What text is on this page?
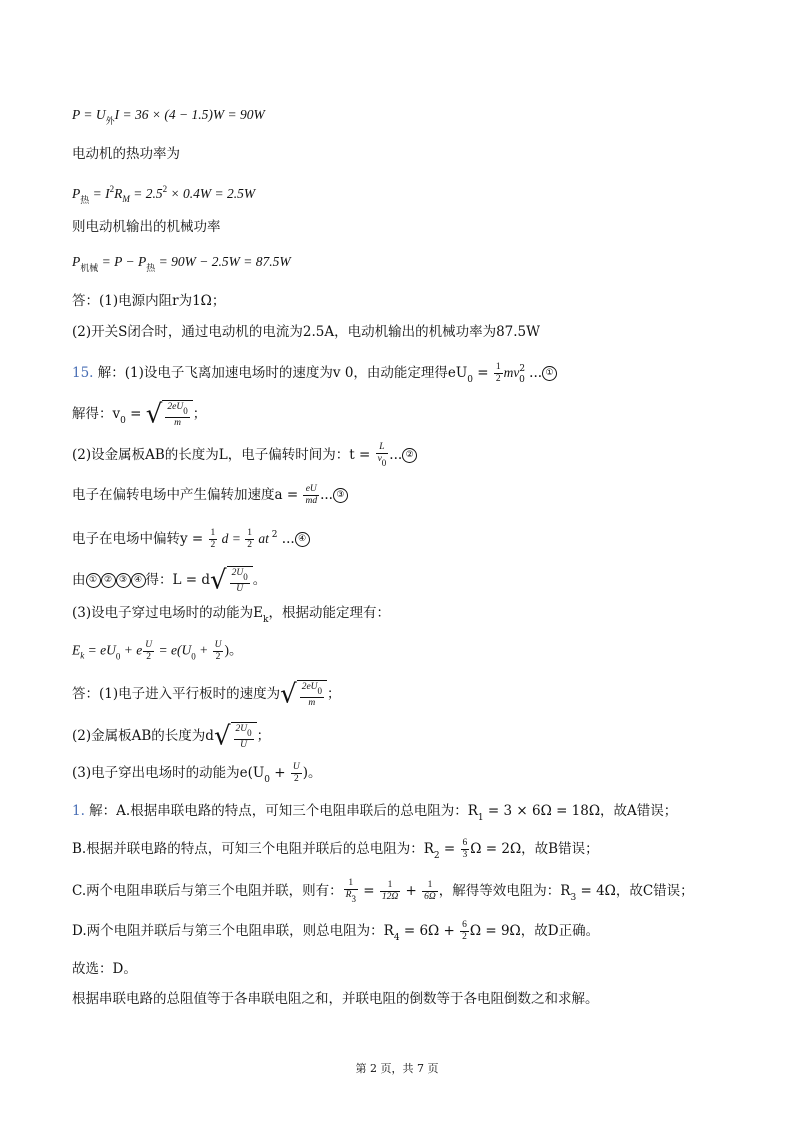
$P = U_外I = 36 \times (4 - 1.5)W = 90W$
电动机的热功率为
$P_热 = I^2R_M = 2.5^2 \times 0.4W = 2.5W$
则电动机输出的机械功率
$P_{机械} = P - P_热 = 90W - 2.5W = 87.5W$
答：(1)电源内阻r为1Ω；
(2)开关S闭合时，通过电动机的电流为2.5A，电动机输出的机械功率为87.5W
15. 解：(1)设电子飞离加速电场时的速度为v 0，由动能定理得$eU_0 = \frac{1}{2} mv^2_0$ ... ①
解得：$v_0$ = √ $\frac{2eU0}{m}$ ；
(2)设金属板AB的长度为L，电子偏转时间为：$t = \frac{L}{v0}$ ... ②
电子在偏转电场中产生偏转加速度$a = \frac{eU}{md}$ ... ③
电子在电场中偏转$y = \frac{1}{2}$ $d = \frac{1}{2}$ at $^2$ ... ④
由 ① ② ③ ④ 得：$L = d√ \frac{2U0}{U}$ 。
(3)设电子穿过电场时的动能为$E_k$，根据动能定理有：
$E_k = eU_0 + e \frac{U}{2} = e(U_0 + \frac{U}{2}$ )。
答：(1)电子进入平行板时的速度为√ $\frac{2eU0}{m}$ ；
(2)金属板AB的长度为$d√ \frac{2U0}{U}$ ；
(3)电子穿出电场时的动能为$e(U_0 + \frac{U}{2}$ )。
1. 解：A.根据串联电路的特点，可知三个电阻串联后的总电阻为：$R_1 = 3 \times 6\Omega = 18\Omega$，故A错误；
B.根据并联电路的特点，可知三个电阻并联后的总电阻为：$R_2 = \frac{6}{3}$ Ω = 2Ω，故B错误；
C.两个电阻串联后与第三个电阻并联，则有： $\frac{1}{R3} = \frac{1}{12\Omega} + \frac{1}{6\Omega}$ ，解得等效电阻为：$R_3 = 4\Omega$，故C错误；
D.两个电阻并联后与第三个电阻串联，则总电阻为：$R_4 = 6\Omega + \frac{6}{2}$ Ω = 9Ω，故D正确。
故选：D。
根据串联电路的总阻值等于各串联电阻之和，并联电阻的倒数等于各电阻倒数之和求解。
第 2 页，共 7 页
